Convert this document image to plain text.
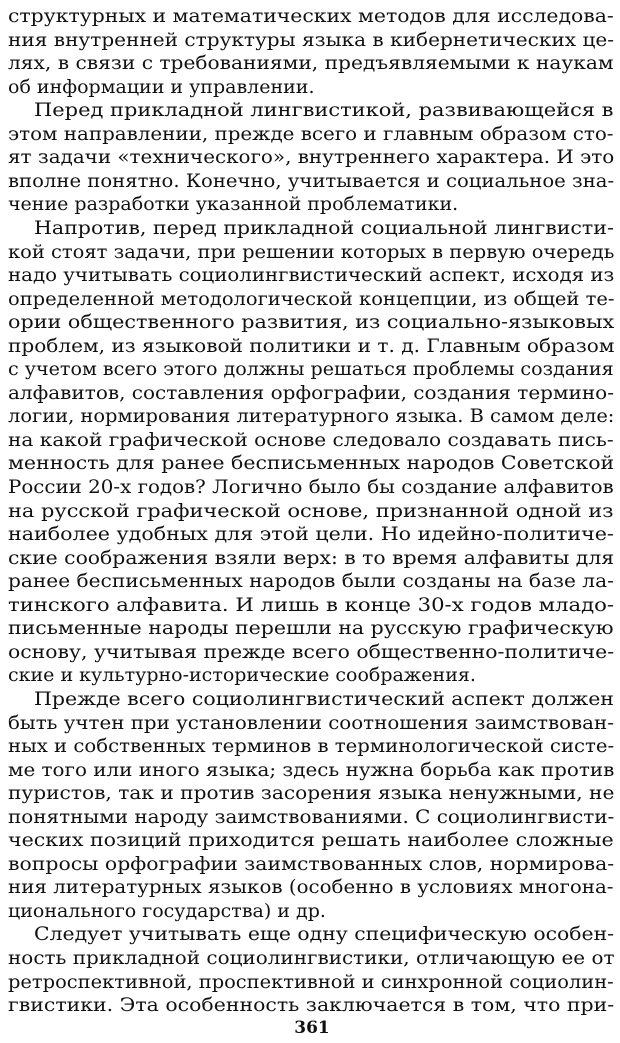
структурных и математических методов для исследова-
ния внутренней структуры языка в кибернетических це-
лях, в связи с требованиями, предъявляемыми к наукам
об информации и управлении.
Перед прикладной лингвистикой, развивающейся в
этом направлении, прежде всего и главным образом сто-
ят задачи «технического», внутреннего характера. И это
вполне понятно. Конечно, учитывается и социальное зна-
чение разработки указанной проблематики.
Напротив, перед прикладной социальной лингвисти-
кой стоят задачи, при решении которых в первую очередь
надо учитывать социолингвистический аспект, исходя из
определенной методологической концепции, из общей те-
ории общественного развития, из социально-языковых
проблем, из языковой политики и т. д. Главным образом
с учетом всего этого должны решаться проблемы создания
алфавитов, составления орфографии, создания термино-
логии, нормирования литературного языка. В самом деле:
на какой графической основе следовало создавать пись-
менность для ранее бесписьменных народов Советской
России 20-х годов? Логично было бы создание алфавитов
на русской графической основе, признанной одной из
наиболее удобных для этой цели. Но идейно-политиче-
ские соображения взяли верх: в то время алфавиты для
ранее бесписьменных народов были созданы на базе ла-
тинского алфавита. И лишь в конце 30-х годов младо-
письменные народы перешли на русскую графическую
основу, учитывая прежде всего общественно-политиче-
ские и культурно-исторические соображения.
Прежде всего социолингвистический аспект должен
быть учтен при установлении соотношения заимствован-
ных и собственных терминов в терминологической систе-
ме того или иного языка; здесь нужна борьба как против
пуристов, так и против засорения языка ненужными, не
понятными народу заимствованиями. С социолингвисти-
ческих позиций приходится решать наиболее сложные
вопросы орфографии заимствованных слов, нормирова-
ния литературных языков (особенно в условиях многона-
ционального государства) и др.
Следует учитывать еще одну специфическую особен-
ность прикладной социолингвистики, отличающую ее от
ретроспективной, проспективной и синхронной социолин-
гвистики. Эта особенность заключается в том, что при-
361
